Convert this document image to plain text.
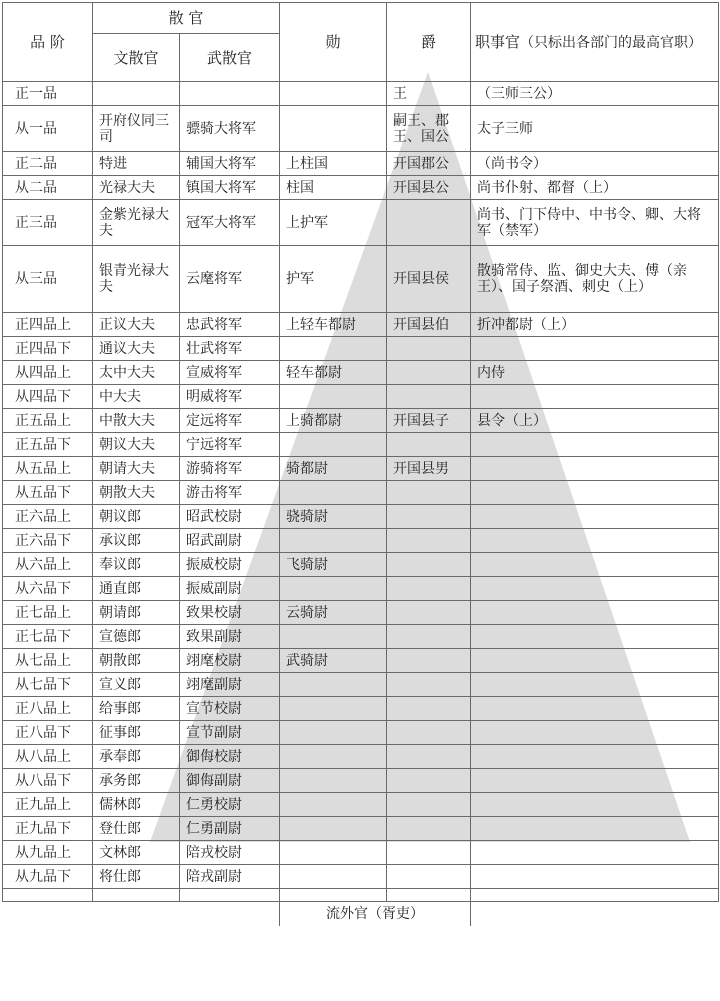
品 阶	散 官		勋	爵	职事官（只标出各部门的最高官职）
	文散官	武散官			
正一品				王	（三师三公）
从一品	开府仪同三司	骠骑大将军		嗣王、郡王、国公	太子三师
正二品	特进	辅国大将军	上柱国	开国郡公	（尚书令）
从二品	光禄大夫	镇国大将军	柱国	开国县公	尚书仆射、都督（上）
正三品	金紫光禄大夫	冠军大将军	上护军		尚书、门下侍中、中书令、卿、大将军（禁军）
从三品	银青光禄大夫	云麾将军	护军	开国县侯	散骑常侍、监、御史大夫、傅（亲王）、国子祭酒、刺史（上）
正四品上	正议大夫	忠武将军	上轻车都尉	开国县伯	折冲都尉（上）
正四品下	通议大夫	壮武将军			
从四品上	太中大夫	宣威将军	轻车都尉		内侍
从四品下	中大夫	明威将军			
正五品上	中散大夫	定远将军	上骑都尉	开国县子	县令（上）
正五品下	朝议大夫	宁远将军			
从五品上	朝请大夫	游骑将军	骑都尉	开国县男	
从五品下	朝散大夫	游击将军			
正六品上	朝议郎	昭武校尉	骁骑尉		
正六品下	承议郎	昭武副尉			
从六品上	奉议郎	振威校尉	飞骑尉		
从六品下	通直郎	振威副尉			
正七品上	朝请郎	致果校尉	云骑尉		
正七品下	宣德郎	致果副尉			
从七品上	朝散郎	翊麾校尉	武骑尉		
从七品下	宣义郎	翊麾副尉			
正八品上	给事郎	宣节校尉			
正八品下	征事郎	宣节副尉			
从八品上	承奉郎	御侮校尉			
从八品下	承务郎	御侮副尉			
正九品上	儒林郎	仁勇校尉			
正九品下	登仕郎	仁勇副尉			
从九品上	文林郎	陪戎校尉			
从九品下	将仕郎	陪戎副尉			

			流外官（胥吏）		
